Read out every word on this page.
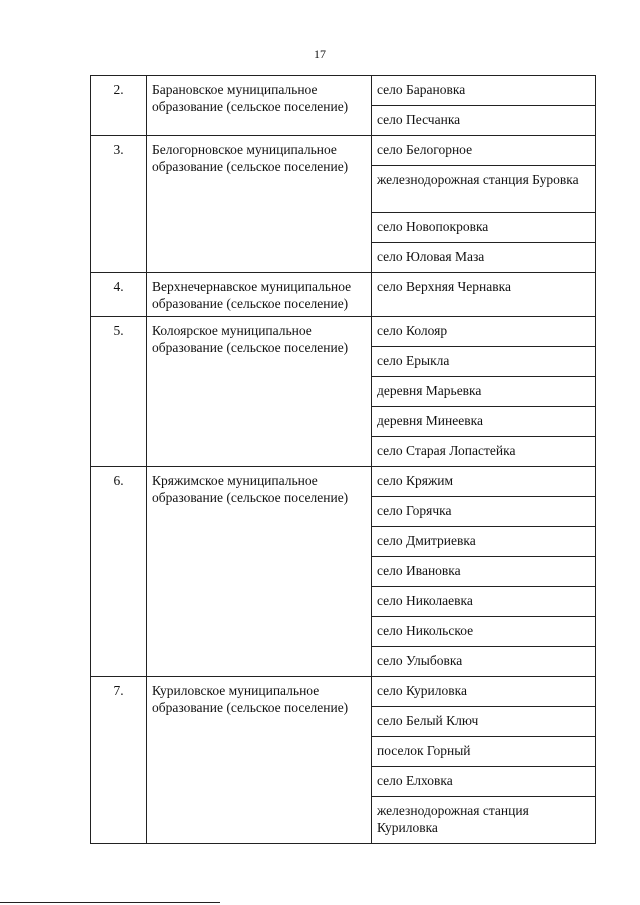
17
2.	Барановское муниципальное образование (сельское поселение)	село Барановка
		село Песчанка
3.	Белогорновское муниципальное образование (сельское поселение)	село Белогорное
		железнодорожная станция Буровка
		село Новопокровка
		село Юловая Маза
4.	Верхнечернавское муниципальное образование (сельское поселение)	село Верхняя Чернавка
5.	Колоярское муниципальное образование (сельское поселение)	село Колояр
		село Ерыкла
		деревня Марьевка
		деревня Минеевка
		село Старая Лопастейка
6.	Кряжимское муниципальное образование (сельское поселение)	село Кряжим
		село Горячка
		село Дмитриевка
		село Ивановка
		село Николаевка
		село Никольское
		село Улыбовка
7.	Куриловское муниципальное образование (сельское поселение)	село Куриловка
		село Белый Ключ
		поселок Горный
		село Елховка
		железнодорожная станция Куриловка
